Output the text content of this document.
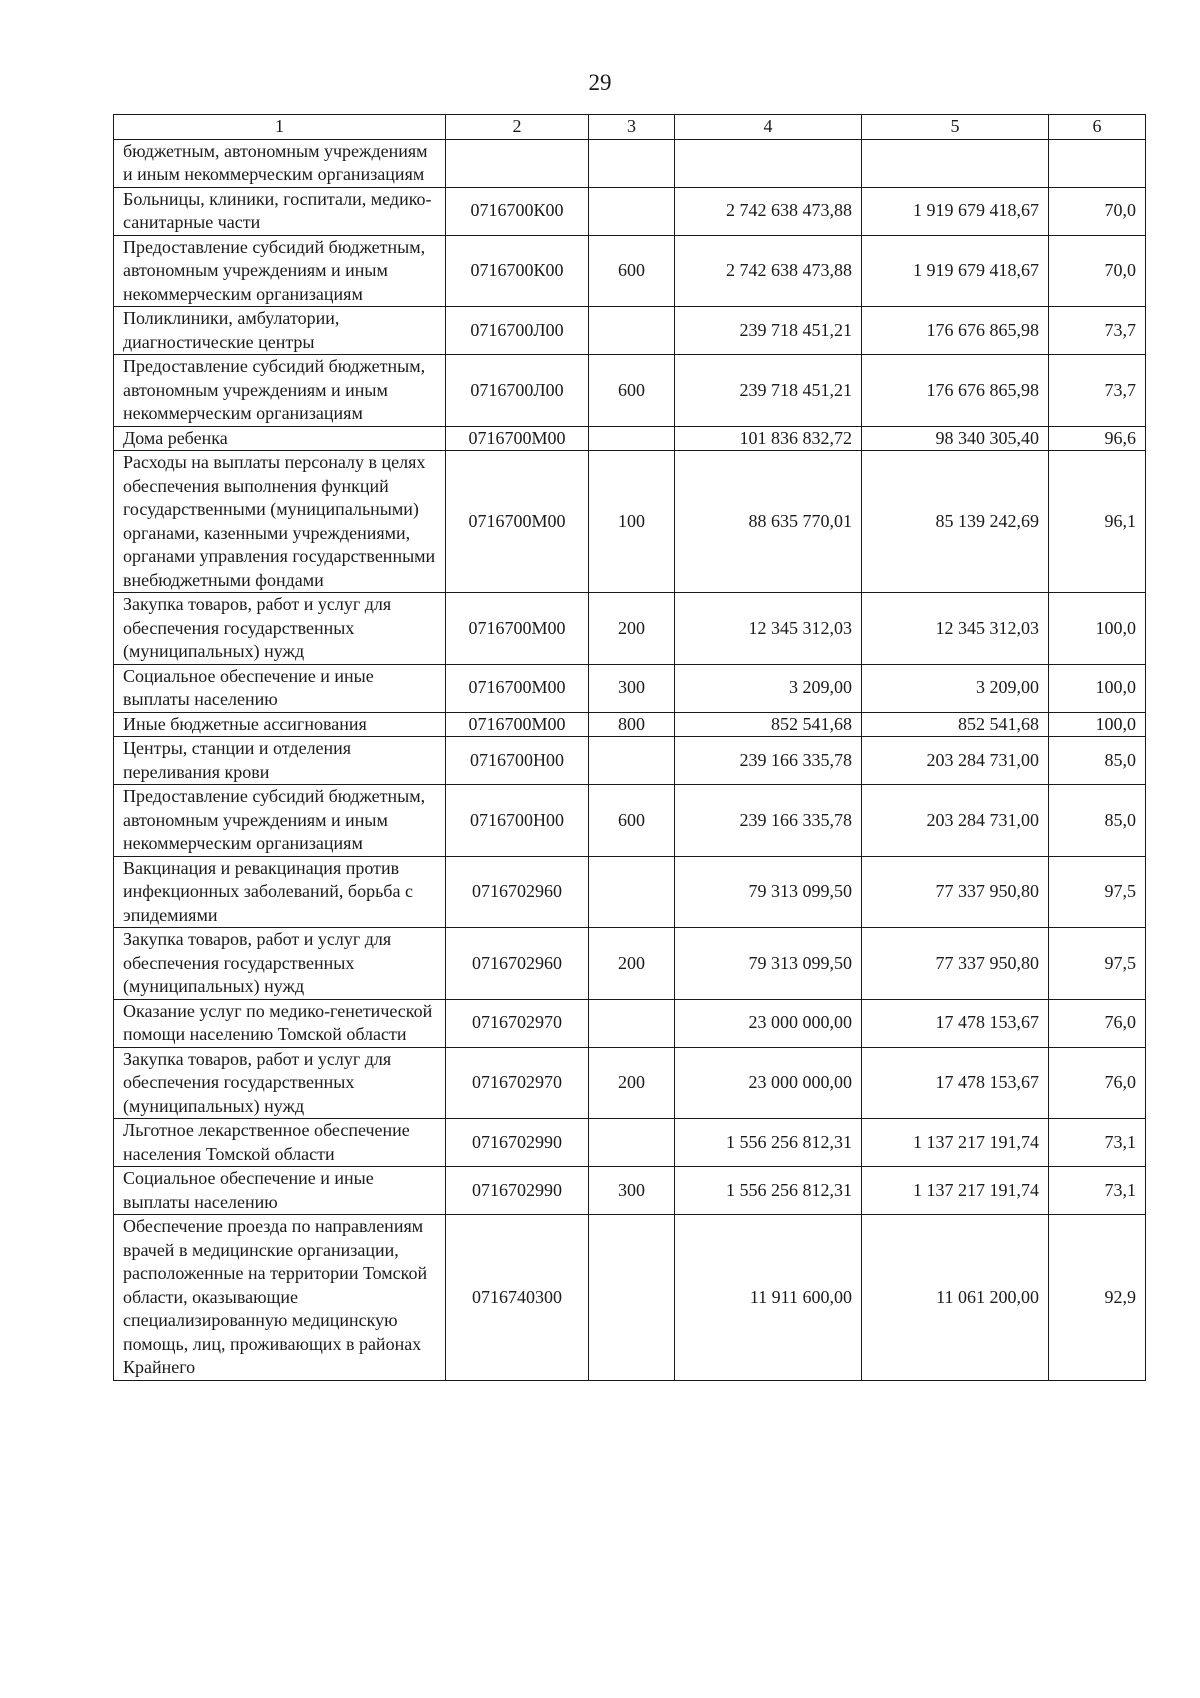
29
1	2	3	4	5	6
бюджетным, автономным учреждениям и иным некоммерческим организациям					
Больницы, клиники, госпитали, медико-санитарные части	0716700К00		2 742 638 473,88	1 919 679 418,67	70,0
Предоставление субсидий бюджетным, автономным учреждениям и иным некоммерческим организациям	0716700К00	600	2 742 638 473,88	1 919 679 418,67	70,0
Поликлиники, амбулатории, диагностические центры	0716700Л00		239 718 451,21	176 676 865,98	73,7
Предоставление субсидий бюджетным, автономным учреждениям и иным некоммерческим организациям	0716700Л00	600	239 718 451,21	176 676 865,98	73,7
Дома ребенка	0716700М00		101 836 832,72	98 340 305,40	96,6
Расходы на выплаты персоналу в целях обеспечения выполнения функций государственными (муниципальными) органами, казенными учреждениями, органами управления государственными внебюджетными фондами	0716700М00	100	88 635 770,01	85 139 242,69	96,1
Закупка товаров, работ и услуг для обеспечения государственных (муниципальных) нужд	0716700М00	200	12 345 312,03	12 345 312,03	100,0
Социальное обеспечение и иные выплаты населению	0716700М00	300	3 209,00	3 209,00	100,0
Иные бюджетные ассигнования	0716700М00	800	852 541,68	852 541,68	100,0
Центры, станции и отделения переливания крови	0716700Н00		239 166 335,78	203 284 731,00	85,0
Предоставление субсидий бюджетным, автономным учреждениям и иным некоммерческим организациям	0716700Н00	600	239 166 335,78	203 284 731,00	85,0
Вакцинация и ревакцинация против инфекционных заболеваний, борьба с эпидемиями	0716702960		79 313 099,50	77 337 950,80	97,5
Закупка товаров, работ и услуг для обеспечения государственных (муниципальных) нужд	0716702960	200	79 313 099,50	77 337 950,80	97,5
Оказание услуг по медико-генетической помощи населению Томской области	0716702970		23 000 000,00	17 478 153,67	76,0
Закупка товаров, работ и услуг для обеспечения государственных (муниципальных) нужд	0716702970	200	23 000 000,00	17 478 153,67	76,0
Льготное лекарственное обеспечение населения Томской области	0716702990		1 556 256 812,31	1 137 217 191,74	73,1
Социальное обеспечение и иные выплаты населению	0716702990	300	1 556 256 812,31	1 137 217 191,74	73,1
Обеспечение проезда по направлениям врачей в медицинские организации, расположенные на территории Томской области, оказывающие специализированную медицинскую помощь, лиц, проживающих в районах Крайнего	0716740300		11 911 600,00	11 061 200,00	92,9
